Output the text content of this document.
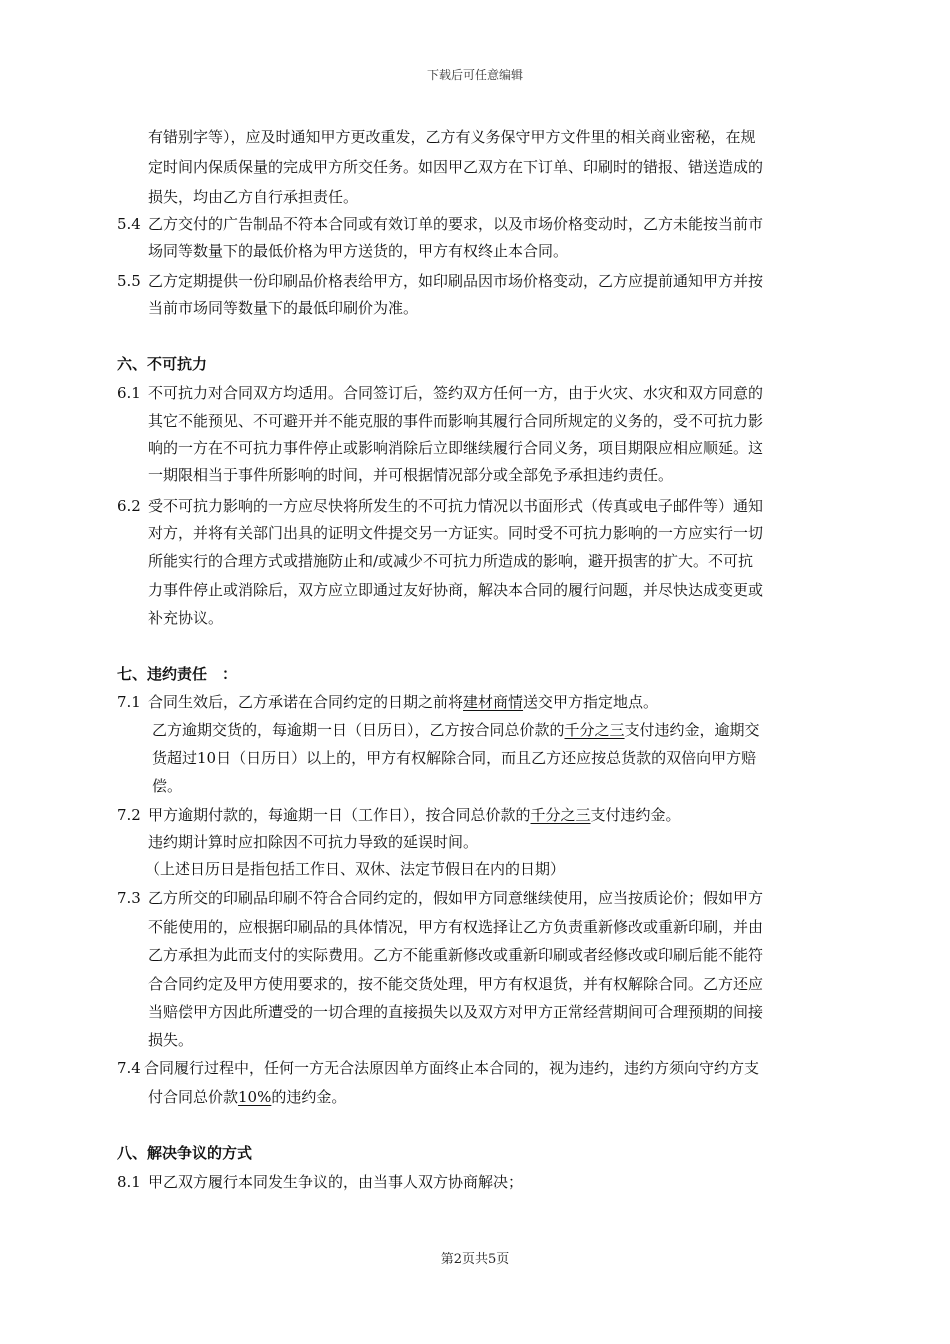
下载后可任意编辑
有错别字等），应及时通知甲方更改重发，乙方有义务保守甲方文件里的相关商业密秘，在规
定时间内保质保量的完成甲方所交任务。如因甲乙双方在下订单、印刷时的错报、错送造成的
损失，均由乙方自行承担责任。
5.4 乙方交付的广告制品不符本合同或有效订单的要求，以及市场价格变动时，乙方未能按当前市
场同等数量下的最低价格为甲方送货的，甲方有权终止本合同。
5.5 乙方定期提供一份印刷品价格表给甲方，如印刷品因市场价格变动，乙方应提前通知甲方并按
当前市场同等数量下的最低印刷价为准。
六、不可抗力
6.1 不可抗力对合同双方均适用。合同签订后，签约双方任何一方，由于火灾、水灾和双方同意的
其它不能预见、不可避开并不能克服的事件而影响其履行合同所规定的义务的，受不可抗力影
响的一方在不可抗力事件停止或影响消除后立即继续履行合同义务，项目期限应相应顺延。这
一期限相当于事件所影响的时间，并可根据情况部分或全部免予承担违约责任。
6.2 受不可抗力影响的一方应尽快将所发生的不可抗力情况以书面形式（传真或电子邮件等）通知
对方，并将有关部门出具的证明文件提交另一方证实。同时受不可抗力影响的一方应实行一切
所能实行的合理方式或措施防止和/或减少不可抗力所造成的影响，避开损害的扩大。不可抗
力事件停止或消除后，双方应立即通过友好协商，解决本合同的履行问题，并尽快达成变更或
补充协议。
七、违约责任　：
7.1 合同生效后，乙方承诺在合同约定的日期之前将建材商情送交甲方指定地点。
乙方逾期交货的，每逾期一日（日历日），乙方按合同总价款的千分之三支付违约金，逾期交
货超过10日（日历日）以上的，甲方有权解除合同，而且乙方还应按总货款的双倍向甲方赔
偿。
7.2 甲方逾期付款的，每逾期一日（工作日），按合同总价款的千分之三支付违约金。
违约期计算时应扣除因不可抗力导致的延误时间。
（上述日历日是指包括工作日、双休、法定节假日在内的日期）
7.3 乙方所交的印刷品印刷不符合合同约定的，假如甲方同意继续使用，应当按质论价；假如甲方
不能使用的，应根据印刷品的具体情况，甲方有权选择让乙方负责重新修改或重新印刷，并由
乙方承担为此而支付的实际费用。乙方不能重新修改或重新印刷或者经修改或印刷后能不能符
合合同约定及甲方使用要求的，按不能交货处理，甲方有权退货，并有权解除合同。乙方还应
当赔偿甲方因此所遭受的一切合理的直接损失以及双方对甲方正常经营期间可合理预期的间接
损失。
7.4 合同履行过程中，任何一方无合法原因单方面终止本合同的，视为违约，违约方须向守约方支
付合同总价款10%的违约金。
八、解决争议的方式
8.1 甲乙双方履行本同发生争议的，由当事人双方协商解决；
第2页共5页
